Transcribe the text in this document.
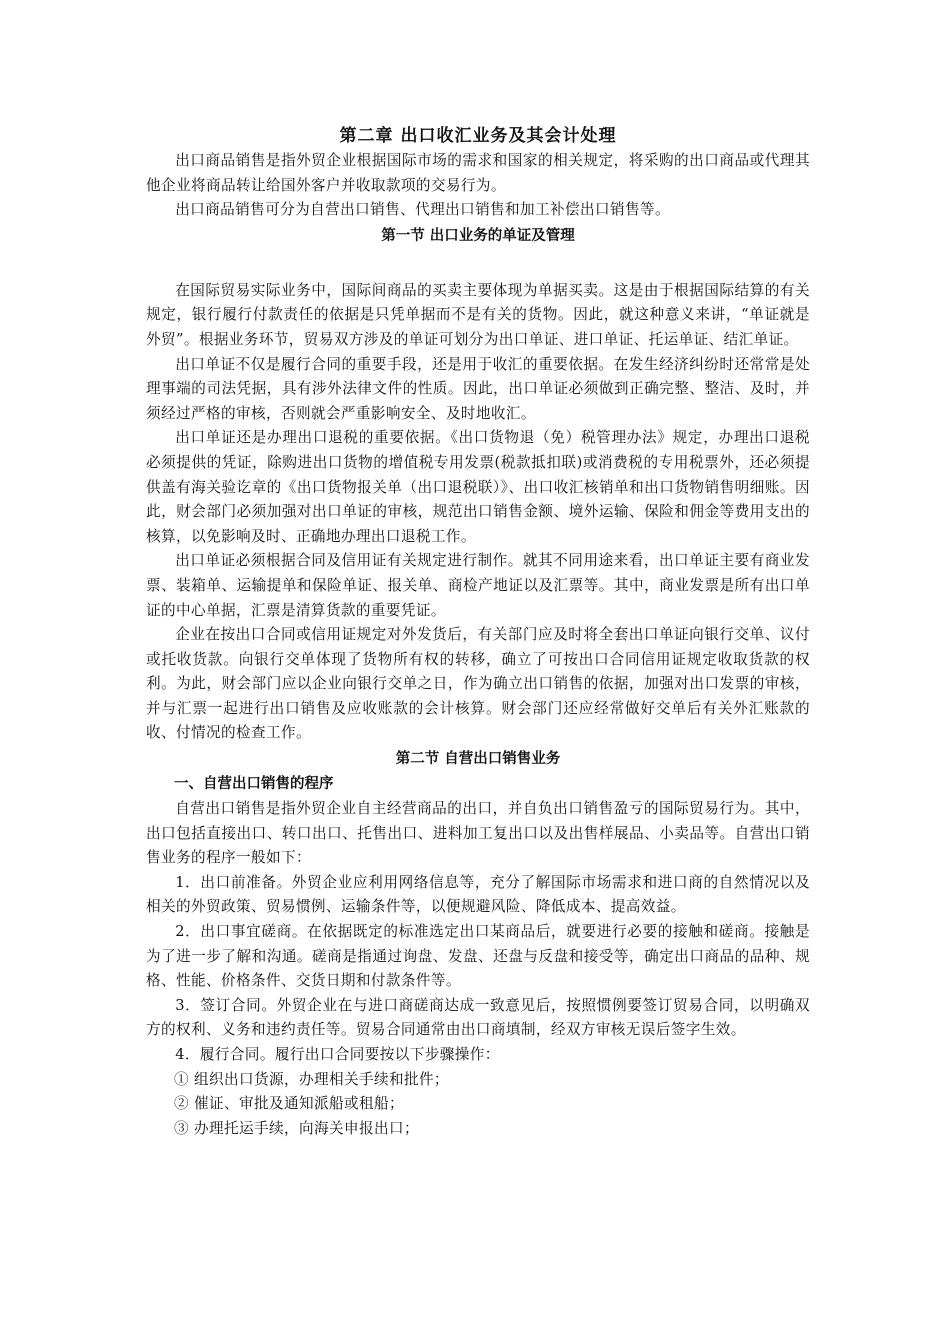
第二章 出口收汇业务及其会计处理

出口商品销售是指外贸企业根据国际市场的需求和国家的相关规定，将采购的出口商品或代理其他企业将商品转让给国外客户并收取款项的交易行为。

出口商品销售可分为自营出口销售、代理出口销售和加工补偿出口销售等。

第一节 出口业务的单证及管理

在国际贸易实际业务中，国际间商品的买卖主要体现为单据买卖。这是由于根据国际结算的有关规定，银行履行付款责任的依据是只凭单据而不是有关的货物。因此，就这种意义来讲，“单证就是外贸”。根据业务环节，贸易双方涉及的单证可划分为出口单证、进口单证、托运单证、结汇单证。

出口单证不仅是履行合同的重要手段，还是用于收汇的重要依据。在发生经济纠纷时还常常是处理事端的司法凭据，具有涉外法律文件的性质。因此，出口单证必须做到正确完整、整洁、及时，并须经过严格的审核，否则就会严重影响安全、及时地收汇。

出口单证还是办理出口退税的重要依据。《出口货物退（免）税管理办法》规定，办理出口退税必须提供的凭证，除购进出口货物的增值税专用发票(税款抵扣联)或消费税的专用税票外，还必须提供盖有海关验讫章的《出口货物报关单（出口退税联）》、出口收汇核销单和出口货物销售明细账。因此，财会部门必须加强对出口单证的审核，规范出口销售金额、境外运输、保险和佣金等费用支出的核算，以免影响及时、正确地办理出口退税工作。

出口单证必须根据合同及信用证有关规定进行制作。就其不同用途来看，出口单证主要有商业发票、装箱单、运输提单和保险单证、报关单、商检产地证以及汇票等。其中，商业发票是所有出口单证的中心单据，汇票是清算货款的重要凭证。

企业在按出口合同或信用证规定对外发货后，有关部门应及时将全套出口单证向银行交单、议付或托收货款。向银行交单体现了货物所有权的转移，确立了可按出口合同信用证规定收取货款的权利。为此，财会部门应以企业向银行交单之日，作为确立出口销售的依据，加强对出口发票的审核，并与汇票一起进行出口销售及应收账款的会计核算。财会部门还应经常做好交单后有关外汇账款的收、付情况的检查工作。

第二节 自营出口销售业务
一、自营出口销售的程序

自营出口销售是指外贸企业自主经营商品的出口，并自负出口销售盈亏的国际贸易行为。其中，出口包括直接出口、转口出口、托售出口、进料加工复出口以及出售样展品、小卖品等。自营出口销售业务的程序一般如下：

1．出口前准备。外贸企业应利用网络信息等，充分了解国际市场需求和进口商的自然情况以及相关的外贸政策、贸易惯例、运输条件等，以便规避风险、降低成本、提高效益。

2．出口事宜磋商。在依据既定的标准选定出口某商品后，就要进行必要的接触和磋商。接触是为了进一步了解和沟通。磋商是指通过询盘、发盘、还盘与反盘和接受等，确定出口商品的品种、规格、性能、价格条件、交货日期和付款条件等。

3．签订合同。外贸企业在与进口商磋商达成一致意见后，按照惯例要签订贸易合同，以明确双方的权利、义务和违约责任等。贸易合同通常由出口商填制，经双方审核无误后签字生效。

4．履行合同。履行出口合同要按以下步骤操作：

① 组织出口货源，办理相关手续和批件；

② 催证、审批及通知派船或租船；

③ 办理托运手续，向海关申报出口；
